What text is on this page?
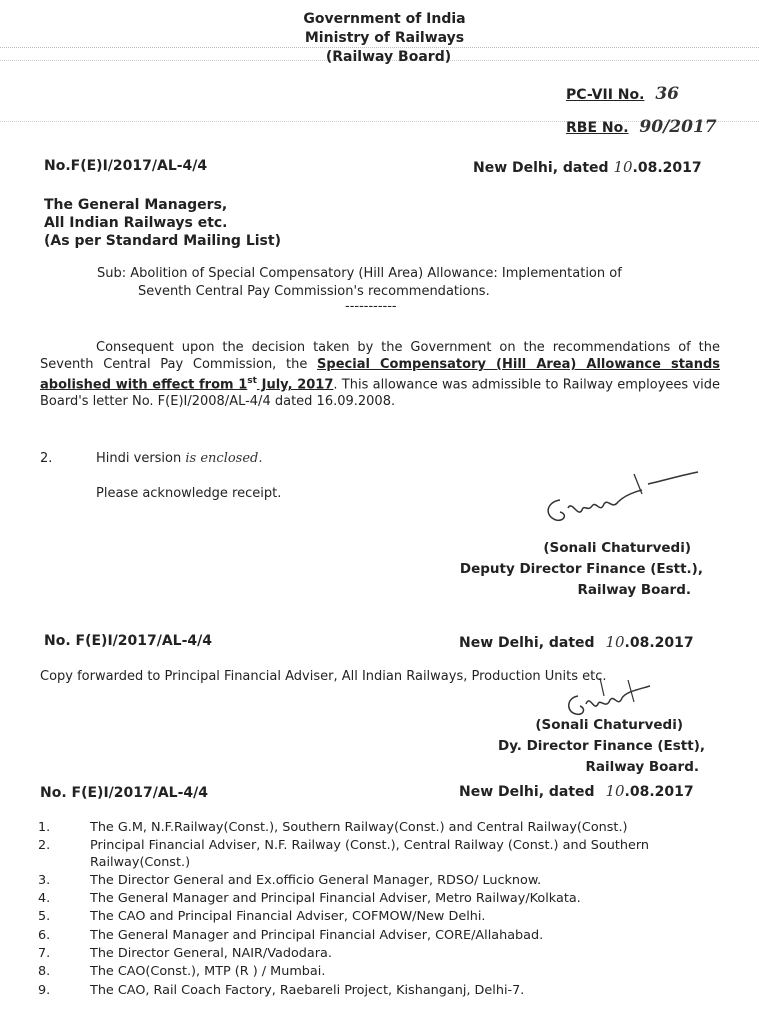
Government of India
Ministry of Railways
(Railway Board)
PC-VII No. 36
RBE No. 90/2017
No.F(E)I/2017/AL-4/4	New Delhi, dated 10.08.2017
The General Managers,
All Indian Railways etc.
(As per Standard Mailing List)
Sub: Abolition of Special Compensatory (Hill Area) Allowance: Implementation of
Seventh Central Pay Commission's recommendations.
-----------
Consequent upon the decision taken by the Government on the recommendations of the Seventh Central Pay Commission, the Special Compensatory (Hill Area) Allowance stands abolished with effect from 1st July, 2017. This allowance was admissible to Railway employees vide Board's letter No. F(E)I/2008/AL-4/4 dated 16.09.2008.
2.	Hindi version is enclosed.
Please acknowledge receipt.
(Sonali Chaturvedi)
Deputy Director Finance (Estt.),
Railway Board.
No. F(E)I/2017/AL-4/4	New Delhi, dated 10.08.2017
Copy forwarded to Principal Financial Adviser, All Indian Railways, Production Units etc.
(Sonali Chaturvedi)
Dy. Director Finance (Estt),
Railway Board.
No. F(E)I/2017/AL-4/4	New Delhi, dated 10.08.2017
1.	The G.M, N.F.Railway(Const.), Southern Railway(Const.) and Central Railway(Const.)
2.	Principal Financial Adviser, N.F. Railway (Const.), Central Railway (Const.) and Southern Railway(Const.)
3.	The Director General and Ex.officio General Manager, RDSO/ Lucknow.
4.	The General Manager and Principal Financial Adviser, Metro Railway/Kolkata.
5.	The CAO and Principal Financial Adviser, COFMOW/New Delhi.
6.	The General Manager and Principal Financial Adviser, CORE/Allahabad.
7.	The Director General, NAIR/Vadodara.
8.	The CAO(Const.), MTP (R ) / Mumbai.
9.	The CAO, Rail Coach Factory, Raebareli Project, Kishanganj, Delhi-7.
